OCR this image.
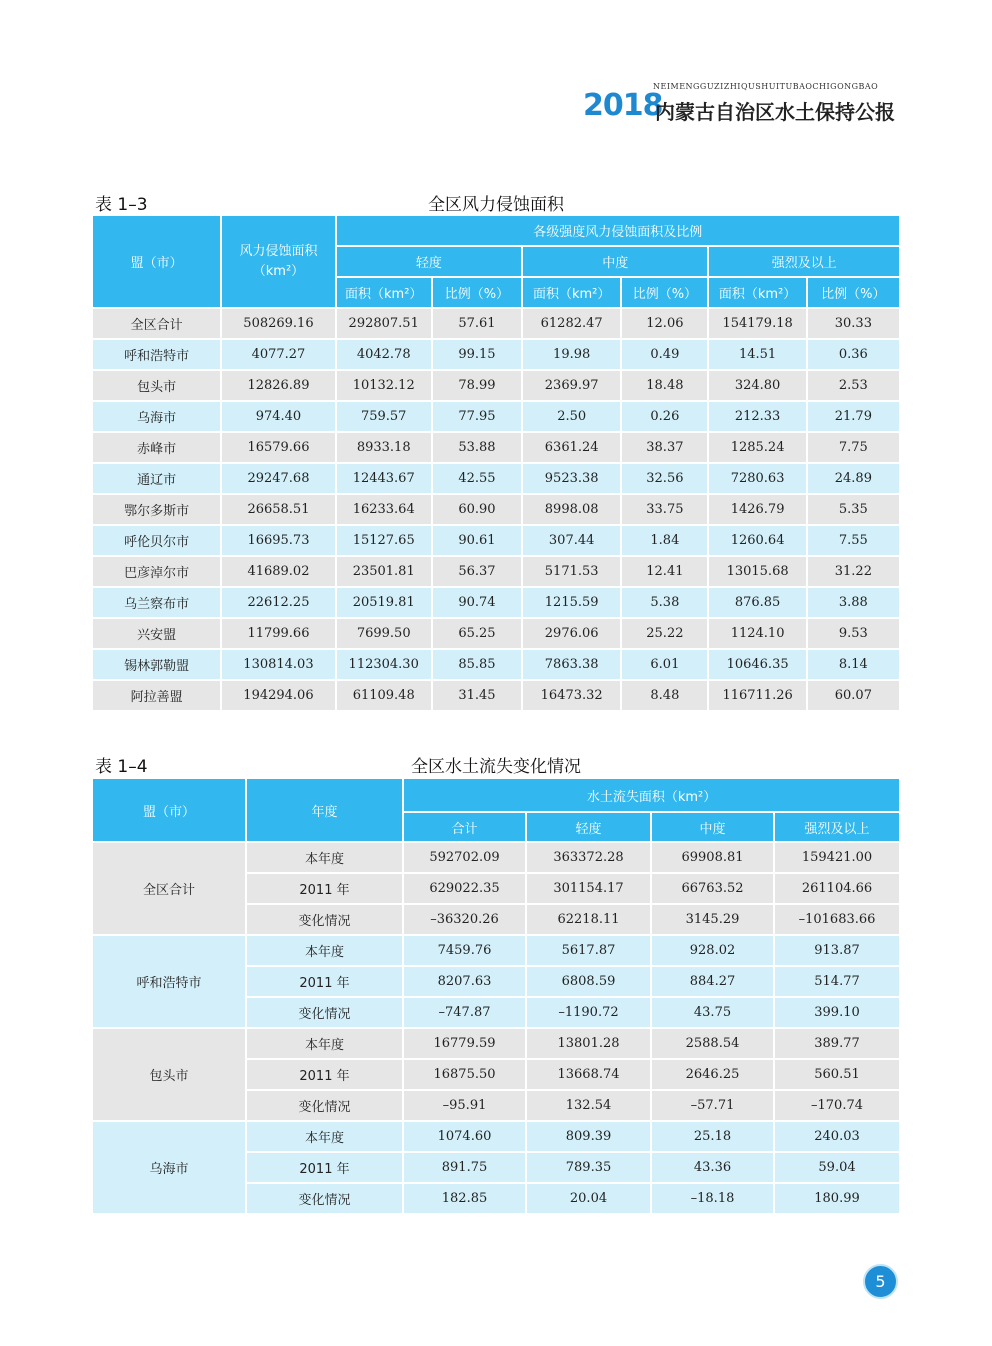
NEIMENGGUZIZHIQUSHUITUBAOCHIGONGBAO
2018
内蒙古自治区水土保持公报
表 1–3	全区风力侵蚀面积
盟（市）	风力侵蚀面积（km²）	各级强度风力侵蚀面积及比例					
		轻度		中度		强烈及以上	
		面积（km²）	比例（%）	面积（km²）	比例（%）	面积（km²）	比例（%）
全区合计	508269.16	292807.51	57.61	61282.47	12.06	154179.18	30.33
呼和浩特市	4077.27	4042.78	99.15	19.98	0.49	14.51	0.36
包头市	12826.89	10132.12	78.99	2369.97	18.48	324.80	2.53
乌海市	974.40	759.57	77.95	2.50	0.26	212.33	21.79
赤峰市	16579.66	8933.18	53.88	6361.24	38.37	1285.24	7.75
通辽市	29247.68	12443.67	42.55	9523.38	32.56	7280.63	24.89
鄂尔多斯市	26658.51	16233.64	60.90	8998.08	33.75	1426.79	5.35
呼伦贝尔市	16695.73	15127.65	90.61	307.44	1.84	1260.64	7.55
巴彦淖尔市	41689.02	23501.81	56.37	5171.53	12.41	13015.68	31.22
乌兰察布市	22612.25	20519.81	90.74	1215.59	5.38	876.85	3.88
兴安盟	11799.66	7699.50	65.25	2976.06	25.22	1124.10	9.53
锡林郭勒盟	130814.03	112304.30	85.85	7863.38	6.01	10646.35	8.14
阿拉善盟	194294.06	61109.48	31.45	16473.32	8.48	116711.26	60.07
表 1–4	全区水土流失变化情况
盟（市）	年度	水土流失面积（km²）			
		合计	轻度	中度	强烈及以上
全区合计	本年度	592702.09	363372.28	69908.81	159421.00
	2011 年	629022.35	301154.17	66763.52	261104.66
	变化情况	–36320.26	62218.11	3145.29	–101683.66
呼和浩特市	本年度	7459.76	5617.87	928.02	913.87
	2011 年	8207.63	6808.59	884.27	514.77
	变化情况	–747.87	–1190.72	43.75	399.10
包头市	本年度	16779.59	13801.28	2588.54	389.77
	2011 年	16875.50	13668.74	2646.25	560.51
	变化情况	–95.91	132.54	–57.71	–170.74
乌海市	本年度	1074.60	809.39	25.18	240.03
	2011 年	891.75	789.35	43.36	59.04
	变化情况	182.85	20.04	–18.18	180.99
5
